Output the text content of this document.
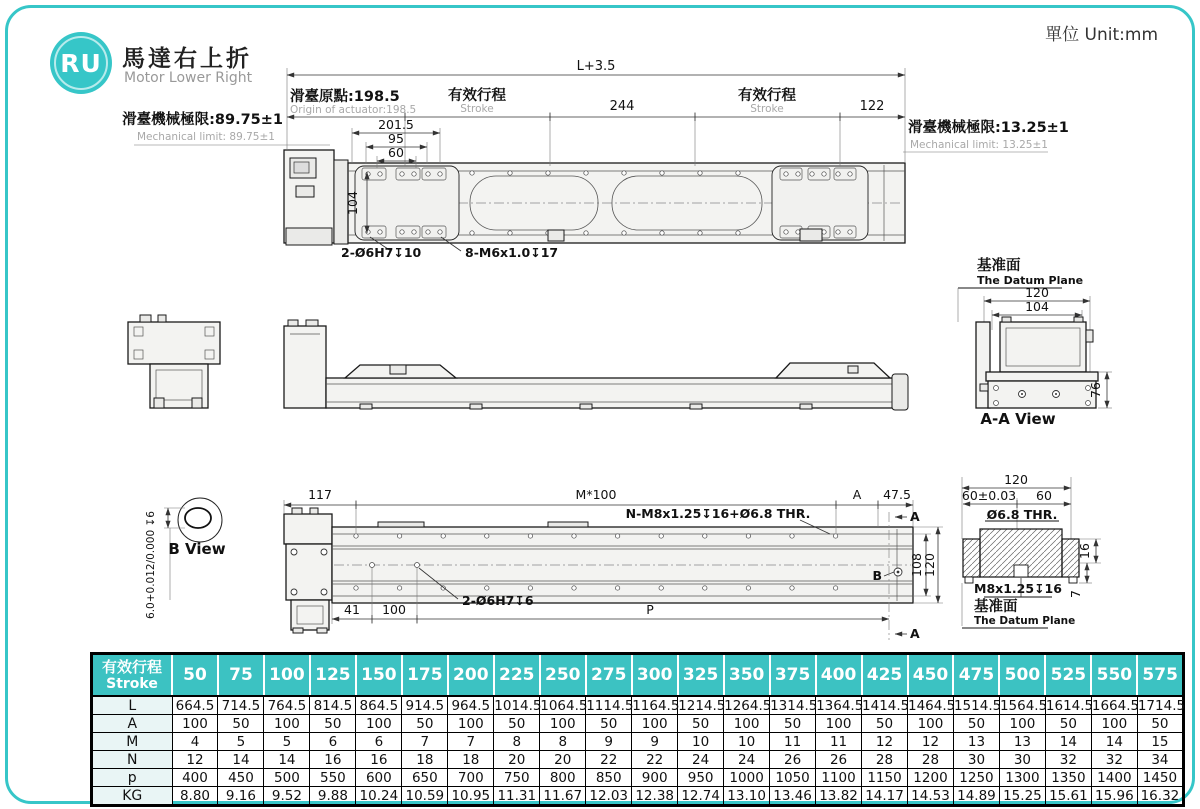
單位 Unit:mm
RU 馬達右上折
Motor Lower Right
L+3.5
滑臺原點:198.5
Origin of actuator:198.5
有效行程
Stroke	244
有效行程
Stroke	122
滑臺機械極限:89.75±1
Mechanical limit: 89.75±1
滑臺機械極限:13.25±1
Mechanical limit: 13.25±1
201.5
95
60
104
2-Ø6H7↧10	8-M6x1.0↧17
基准面
The Datum Plane
120
104
76
A-A View
6.0+0.012/0.000 ↧6 B View
117	M*100	A 47.5
N-M8x1.25↧16+Ø6.8 THR.
108
120
B
A
A
41 100	P
2-Ø6H7↧6
120
60±0.03 60
Ø6.8 THR.
16
7
M8x1.25↧16
基准面
The Datum Plane
有效行程
Stroke	50	75	100	125	150	175	200	225	250	275	300	325	350	375	400	425	450	475	500	525	550	575
L	664.5	714.5	764.5	814.5	864.5	914.5	964.5	1014.5	1064.5	1114.5	1164.5	1214.5	1264.5	1314.5	1364.5	1414.5	1464.5	1514.5	1564.5	1614.5	1664.5	1714.5
A	100	50	100	50	100	50	100	50	100	50	100	50	100	50	100	50	100	50	100	50	100	50
M	4	5	5	6	6	7	7	8	8	9	9	10	10	11	11	12	12	13	13	14	14	15
N	12	14	14	16	16	18	18	20	20	22	22	24	24	26	26	28	28	30	30	32	32	34
p	400	450	500	550	600	650	700	750	800	850	900	950	1000	1050	1100	1150	1200	1250	1300	1350	1400	1450
KG	8.80	9.16	9.52	9.88	10.24	10.59	10.95	11.31	11.67	12.03	12.38	12.74	13.10	13.46	13.82	14.17	14.53	14.89	15.25	15.61	15.96	16.32
